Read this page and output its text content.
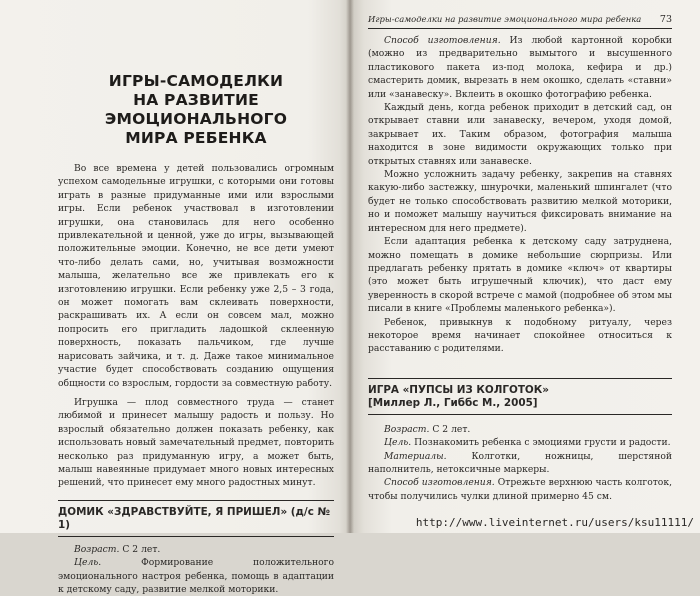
ИГРЫ-САМОДЕЛКИ
НА РАЗВИТИЕ ЭМОЦИОНАЛЬНОГО
МИРА РЕБЕНКА

Во все времена у детей пользовались огромным успехом самодельные игрушки, с которыми они готовы играть в разные придуманные ими или взрослыми игры. Если ребенок участвовал в изготовлении игрушки, она становилась для него особенно привлекательной и ценной, уже до игры, вызывающей положительные эмоции. Конечно, не все дети умеют что-либо делать сами, но, учитывая возможности малыша, желательно все же привлекать его к изготовлению игрушки. Если ребенку уже 2,5 – 3 года, он может помогать вам склеивать поверхности, раскрашивать их. А если он совсем мал, можно попросить его пригладить ладошкой склеенную поверхность, показать пальчиком, где лучше нарисовать зайчика, и т. д. Даже такое минимальное участие будет способствовать созданию ощущения общности со взрослым, гордости за совместную работу.

Игрушка — плод совместного труда — станет любимой и принесет малышу радость и пользу. Но взрослый обязательно должен показать ребенку, как использовать новый замечательный предмет, повторить несколько раз придуманную игру, а может быть, малыш навеянные придумает много новых интересных решений, что принесет ему много радостных минут.

ДОМИК «ЗДРАВСТВУЙТЕ, Я ПРИШЕЛ» (д/с № 1)

Возраст. С 2 лет.

Цель.	Формирование положительного эмоционального настроя ребенка, помощь в адаптации к детскому саду, развитие мелкой моторики.

Игры-самоделки на развитие эмоционального мира ребенка 73

Способ изготовления. Из любой картонной коробки (можно из предварительно вымытого и высушенного пластикового пакета из-под молока, кефира и др.) смастерить домик, вырезать в нем окошко, сделать «ставни» или «занавеску». Вклеить в окошко фотографию ребенка.

Каждый день, когда ребенок приходит в детский сад, он открывает ставни или занавеску, вечером, уходя домой, закрывает их. Таким образом, фотография малыша находится в зоне видимости окружающих только при открытых ставнях или занавеске.

Можно усложнить задачу ребенку, закрепив на ставнях какую-либо застежку, шнурочки, маленький шпингалет (что будет не только способствовать развитию мелкой моторики, но и поможет малышу научиться фиксировать внимание на интересном для него предмете).

Если адаптация ребенка к детскому саду затруднена, можно помещать в домике небольшие сюрпризы. Или предлагать ребенку прятать в домике «ключ» от квартиры (это может быть игрушечный ключик), что даст ему уверенность в скорой встрече с мамой (подробнее об этом мы писали в книге «Проблемы маленького ребенка»).

Ребенок, привыкнув к подобному ритуалу, через некоторое время начинает спокойнее относиться к расставанию с родителями.

ИГРА «ПУПСЫ ИЗ КОЛГОТОК»
[Миллер Л., Гиббс М., 2005]

Возраст. С 2 лет.

Цель. Познакомить ребенка с эмоциями грусти и радости.

Материалы.	Колготки, ножницы, шерстяной наполнитель, нетоксичные маркеры.

Способ изготовления. Отрежьте верхнюю часть колготок, чтобы получились чулки длиной примерно 45 см.

http://www.liveinternet.ru/users/ksu11111/
